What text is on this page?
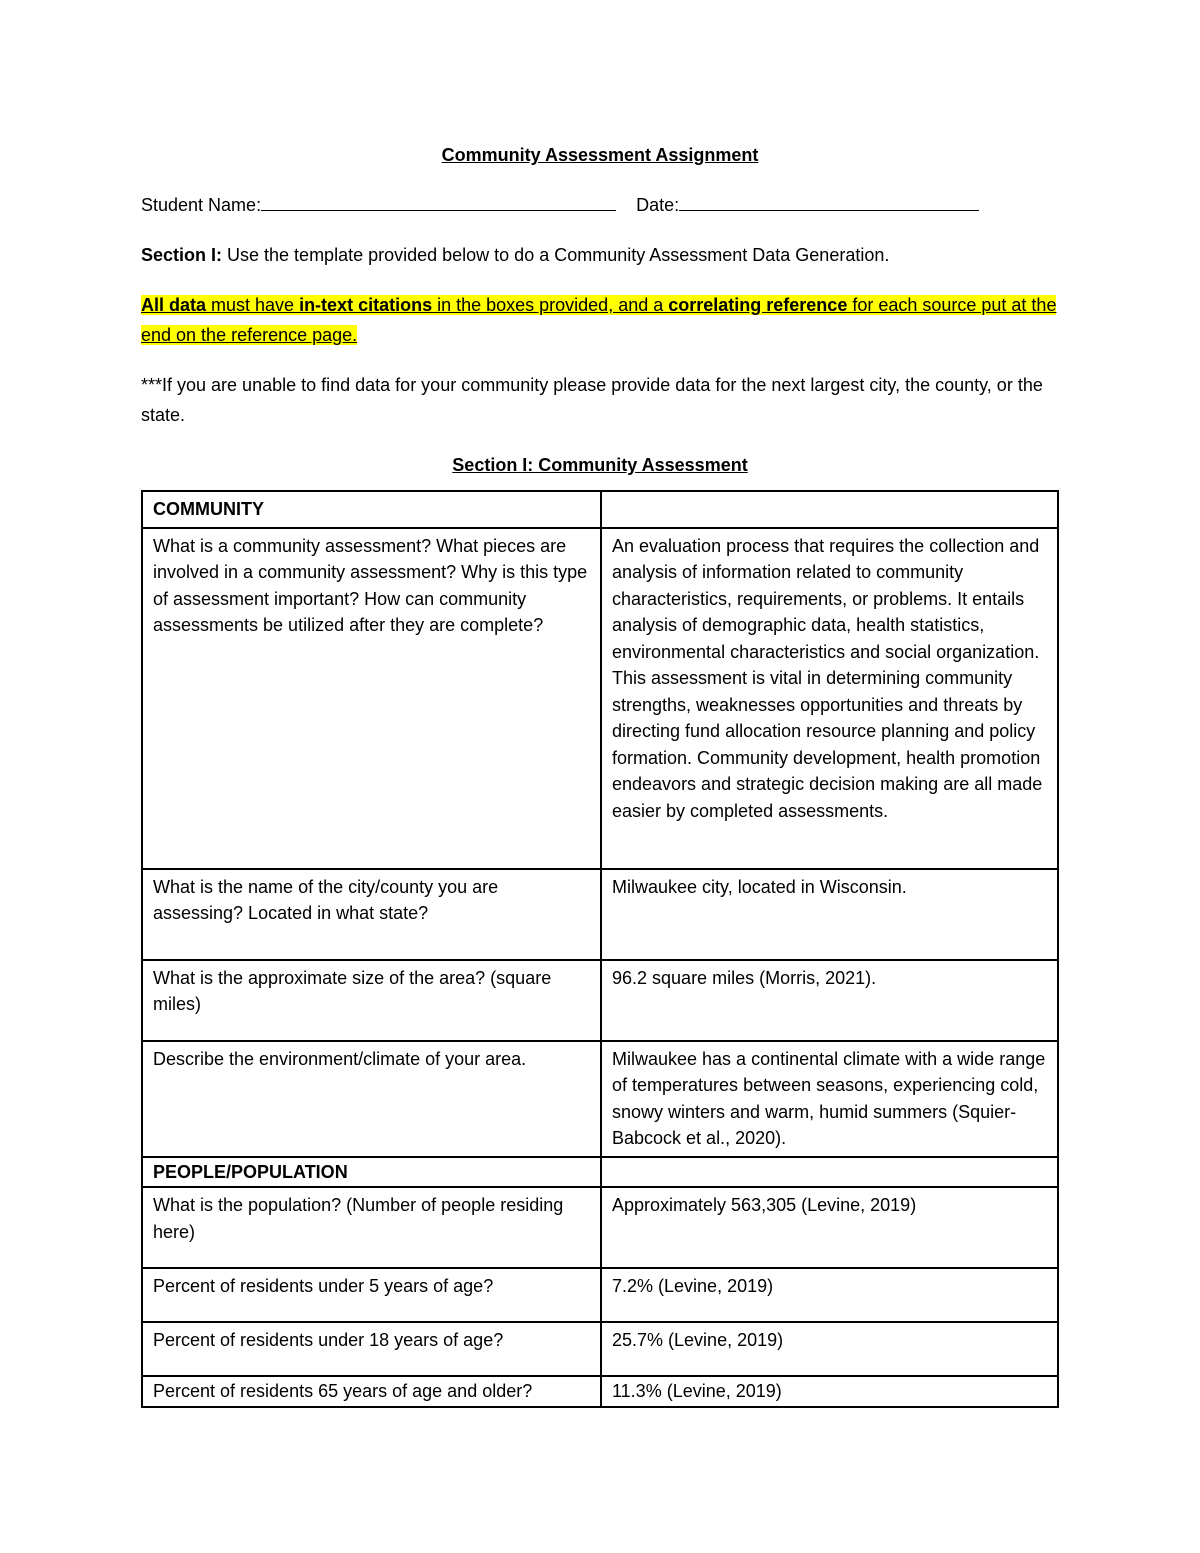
Community Assessment Assignment
Student Name:	Date:
Section I: Use the template provided below to do a Community Assessment Data Generation.
All data must have in-text citations in the boxes provided, and a correlating reference for each source put at the end on the reference page.
***If you are unable to find data for your community please provide data for the next largest city, the county, or the state.
Section I: Community Assessment
COMMUNITY	
What is a community assessment? What pieces are involved in a community assessment? Why is this type of assessment important? How can community assessments be utilized after they are complete?	An evaluation process that requires the collection and analysis of information related to community characteristics, requirements, or problems. It entails analysis of demographic data, health statistics, environmental characteristics and social organization. This assessment is vital in determining community strengths, weaknesses opportunities and threats by directing fund allocation resource planning and policy formation. Community development, health promotion endeavors and strategic decision making are all made easier by completed assessments.
What is the name of the city/county you are assessing? Located in what state?	Milwaukee city, located in Wisconsin.
What is the approximate size of the area? (square miles)	96.2 square miles (Morris, 2021).
Describe the environment/climate of your area.	Milwaukee has a continental climate with a wide range of temperatures between seasons, experiencing cold, snowy winters and warm, humid summers (Squier-Babcock et al., 2020).
PEOPLE/POPULATION	
What is the population? (Number of people residing here)	Approximately 563,305 (Levine, 2019)
Percent of residents under 5 years of age?	7.2% (Levine, 2019)
Percent of residents under 18 years of age?	25.7% (Levine, 2019)
Percent of residents 65 years of age and older?	11.3% (Levine, 2019)
